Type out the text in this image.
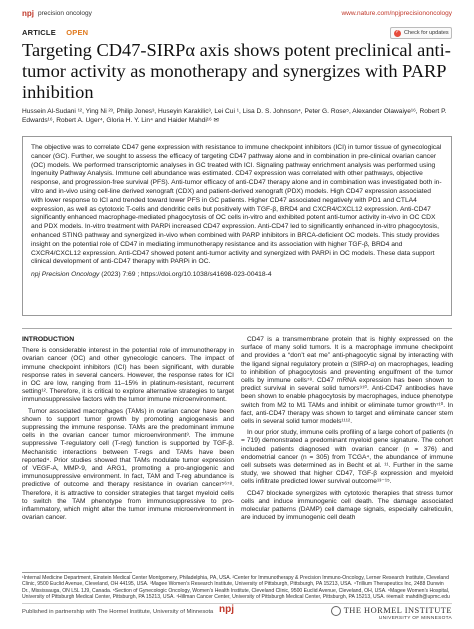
npj precision oncology	www.nature.com/npjprecisiononcology
ARTICLE OPEN
✓	Check for updates
Targeting CD47-SIRPα axis shows potent preclinical anti-tumor activity as monotherapy and synergizes with PARP inhibition
Hussein Al-Sudani ¹², Ying Ni ²³, Philip Jones³, Huseyin Karakilic³, Lei Cui ¹, Lisa D. S. Johnson⁴, Peter G. Rose⁵, Alexander Olawaiye¹⁶, Robert P. Edwards¹⁶, Robert A. Uger⁴, Gloria H. Y. Lin⁴ and Haider Mahdi¹⁶ ✉
The objective was to correlate CD47 gene expression with resistance to immune checkpoint inhibitors (ICI) in tumor tissue of gynecological cancer (GC). Further, we sought to assess the efficacy of targeting CD47 pathway alone and in combination in pre-clinical ovarian cancer (OC) models. We performed transcriptomic analyses in GC treated with ICI. Signaling pathway enrichment analysis was performed using Ingenuity Pathway Analysis. Immune cell abundance was estimated. CD47 expression was correlated with other pathways, objective response, and progression-free survival (PFS). Anti-tumor efficacy of anti-CD47 therapy alone and in combination was investigated both in-vitro and in-vivo using cell-line derived xenograft (CDX) and patient-derived xenograft (PDX) models. High CD47 expression associated with lower response to ICI and trended toward lower PFS in GC patients. Higher CD47 associated negatively with PD1 and CTLA4 expression, as well as cytotoxic T-cells and dendritic cells but positively with TGF-β, BRD4 and CXCR4/CXCL12 expression. Anti-CD47 significantly enhanced macrophage-mediated phagocytosis of OC cells in-vitro and exhibited potent anti-tumor activity in-vivo in OC CDX and PDX models. In-vitro treatment with PARPi increased CD47 expression. Anti-CD47 led to significantly enhanced in-vitro phagocytosis, enhanced STING pathway and synergized in-vivo when combined with PARP inhibitors in BRCA-deficient OC models. This study provides insight on the potential role of CD47 in mediating immunotherapy resistance and its association with higher TGF-β, BRD4 and CXCR4/CXCL12 expression. Anti-CD47 showed potent anti-tumor activity and synergized with PARPi in OC models. These data support clinical development of anti-CD47 therapy with PARPi in OC.
npj Precision Oncology (2023) 7:69 ; https://doi.org/10.1038/s41698-023-00418-4
INTRODUCTION

There is considerable interest in the potential role of immunotherapy in ovarian cancer (OC) and other gynecologic cancers. The impact of immune checkpoint inhibitors (ICI) has been significant, with durable response rates in several cancers. However, the response rates for ICI in OC are low, ranging from 11–15% in platinum-resistant, recurrent setting¹². Therefore, it is critical to explore alternative strategies to target immunosuppressive factors with the tumor immune microenvironment.

Tumor associated macrophages (TAMs) in ovarian cancer have been shown to support tumor growth by promoting angiogenesis and suppressing the immune response. TAMs are the predominant immune cells in the ovarian cancer tumor microenvironment³. The immune suppressive T-regulatory cell (T-reg) function is supported by TGF-β. Mechanistic interactions between T-regs and TAMs have been reported⁴. Prior studies showed that TAMs modulate tumor expression of VEGF-A, MMP-9, and ARG1, promoting a pro-angiogenic and immunosuppressive environment. In fact, TAM and T-reg abundance is predictive of outcome and therapy resistance in ovarian cancer⁵⁶⁷⁸. Therefore, it is attractive to consider strategies that target myeloid cells to switch the TAM phenotype from immunosuppressive to pro-inflammatory, which might alter the tumor immune microenvironment in ovarian cancer.

CD47 is a transmembrane protein that is highly expressed on the surface of many solid tumors. It is a macrophage immune checkpoint and provides a “don’t eat me” anti-phagocytic signal by interacting with the ligand signal regulatory protein α (SIRP-α) on macrophages, leading to inhibition of phagocytosis and preventing engulfment of the tumor cells by immune cells⁷⁸. CD47 mRNA expression has been shown to predict survival in several solid tumors⁹¹⁰. Anti-CD47 antibodies have been shown to enable phagocytosis by macrophages, induce phenotype switch from M2 to M1 TAMs and inhibit or eliminate tumor growth⁷¹⁰. In fact, anti-CD47 therapy was shown to target and eliminate cancer stem cells in several solid tumor models¹¹¹².

In our prior study, immune cells profiling of a large cohort of patients (n = 719) demonstrated a predominant myeloid gene signature. The cohort included patients diagnosed with ovarian cancer (n = 376) and endometrial cancer (n = 305) from TCGA⁴, the abundance of immune cell subsets was determined as in Becht et al. ¹¹. Further in the same study, we showed that higher CD47, TGF-β expression and myeloid cells infiltrate predicted lower survival outcome¹³⁻¹⁵.

CD47 blockade synergizes with cytotoxic therapies that stress tumor cells and induce immunogenic cell death. The damage associated molecular patterns (DAMP) cell damage signals, especially calreticulin, are induced by immunogenic cell death

¹Internal Medicine Department, Einstein Medical Center Montgomery, Philadelphia, PA, USA. ²Center for Immunotherapy & Precision Immuno-Oncology, Lerner Research Institute, Cleveland Clinic, 9500 Euclid Avenue, Cleveland, OH 44195, USA. ³Magee Women’s Research Institute, University of Pittsburgh, Pittsburgh, PA 15213, USA. ⁴Trillium Therapeutics Inc, 2488 Dunwin Dr., Mississauga, ON L5L 1J9, Canada. ⁵Section of Gynecologic Oncology, Women’s Health Institute, Cleveland Clinic, 9500 Euclid Avenue, Cleveland, OH, USA. ⁶Magee Women’s Hospital, University of Pittsburgh Medical Center, Pittsburgh, PA 15213, USA. ⁷Hillman Cancer Center, University of Pittsburgh Medical Center, Pittsburgh, PA 15213, USA. ✉email: mahdih@upmc.edu
Published in partnership with The Hormel Institute, University of Minnesota npj	THE HORMEL INSTITUTE
UNIVERSITY OF MINNESOTA
